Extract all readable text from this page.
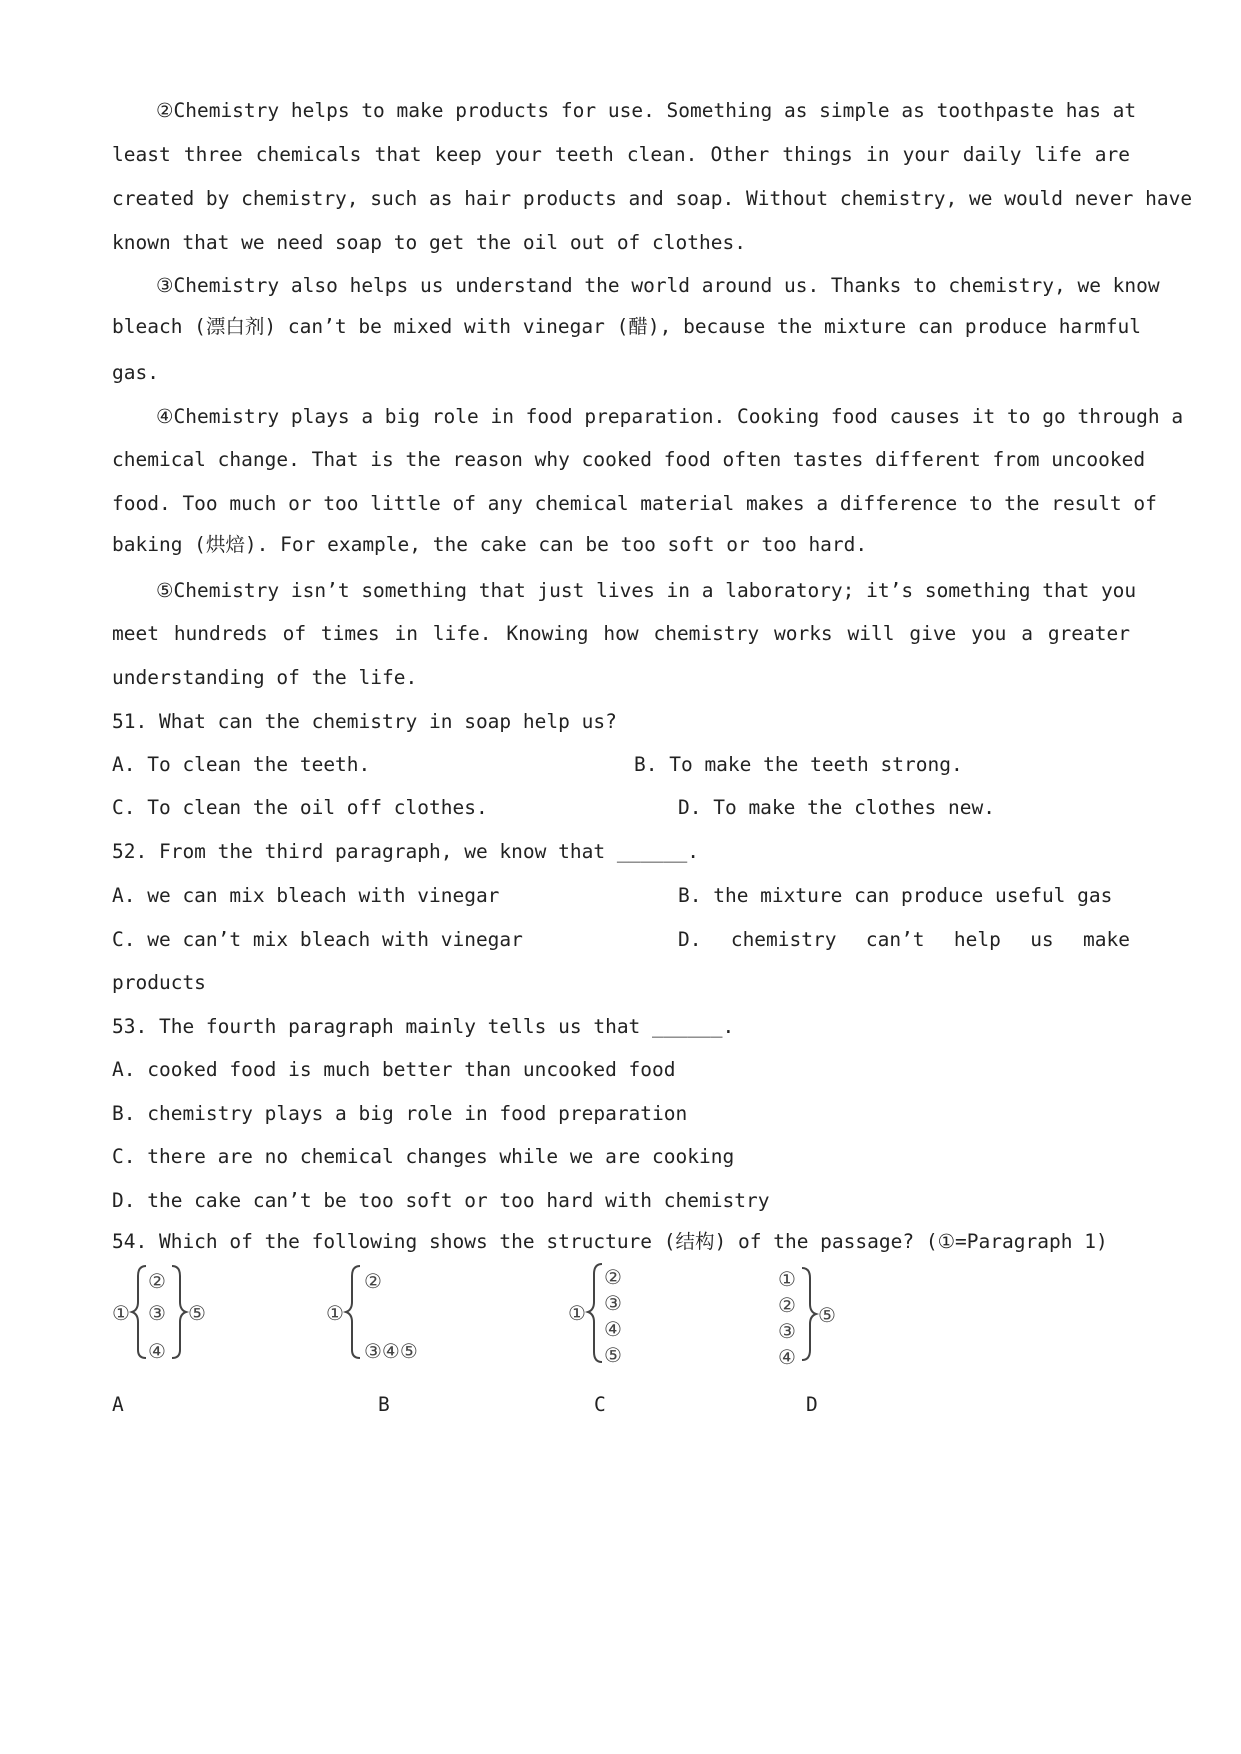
②Chemistry helps to make products for use. Something as simple as toothpaste has at
least three chemicals that keep your teeth clean. Other things in your daily life are
created by chemistry, such as hair products and soap. Without chemistry, we would never have
known that we need soap to get the oil out of clothes.
③Chemistry also helps us understand the world around us. Thanks to chemistry, we know
bleach (漂白剂) can’t be mixed with vinegar (醋), because the mixture can produce harmful
gas.
④Chemistry plays a big role in food preparation. Cooking food causes it to go through a
chemical change. That is the reason why cooked food often tastes different from uncooked
food. Too much or too little of any chemical material makes a difference to the result of
baking (烘焙). For example, the cake can be too soft or too hard.
⑤Chemistry isn’t something that just lives in a laboratory; it’s something that you
meet hundreds of times in life. Knowing how chemistry works will give you a greater
understanding of the life.
51. What can the chemistry in soap help us?
A. To clean the teeth.	B. To make the teeth strong.
C. To clean the oil off clothes.	D. To make the clothes new.
52. From the third paragraph, we know that ______.
A. we can mix bleach with vinegar	B. the mixture can produce useful gas
C. we can’t mix bleach with vinegar	D. chemistry can’t help us make
products
53. The fourth paragraph mainly tells us that ______.
A. cooked food is much better than uncooked food
B. chemistry plays a big role in food preparation
C. there are no chemical changes while we are cooking
D. the cake can’t be too soft or too hard with chemistry
54. Which of the following shows the structure (结构) of the passage? (①=Paragraph 1)
①
②
③
④
⑤	①
②
③④⑤
①
②
③
④
⑤
①
②
③
④
⑤
A	B	C	D
